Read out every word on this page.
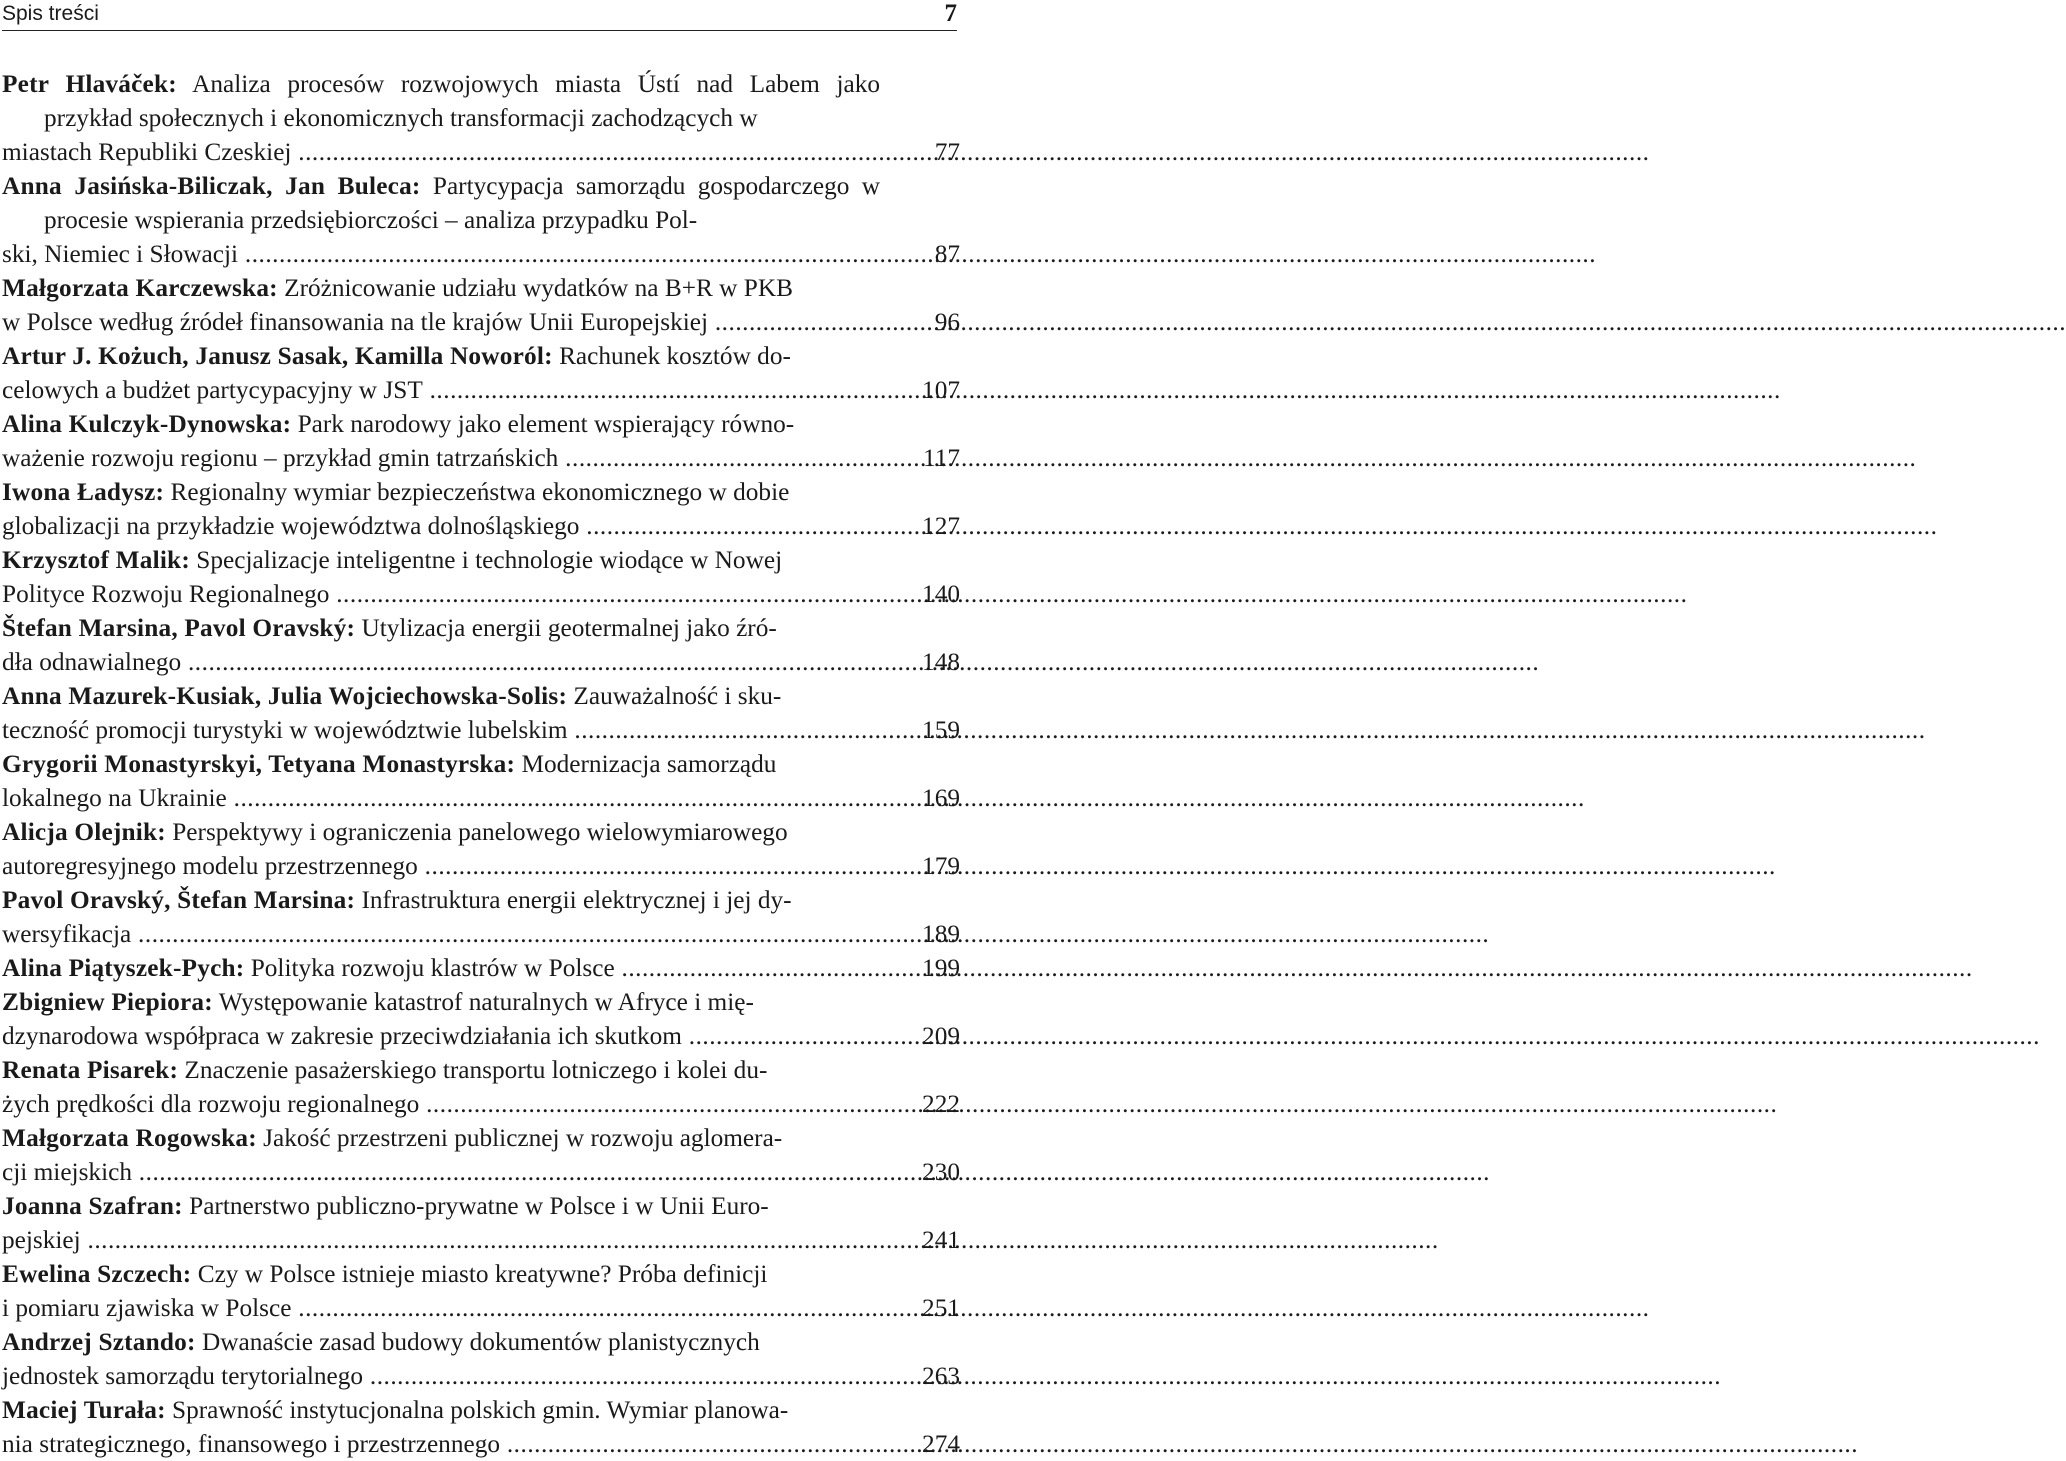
Spis treści	7
Petr Hlaváček: Analiza procesów rozwojowych miasta Ústí nad Labem jako przykład społecznych i ekonomicznych transformacji zachodzących w
miastach Republiki Czeskiej .....	77
Anna Jasińska-Biliczak, Jan Buleca: Partycypacja samorządu gospodarczego w procesie wspierania przedsiębiorczości – analiza przypadku Pol-
ski, Niemiec i Słowacji .....	87
Małgorzata Karczewska: Zróżnicowanie udziału wydatków na B+R w PKB
w Polsce według źródeł finansowania na tle krajów Unii Europejskiej .....	96
Artur J. Kożuch, Janusz Sasak, Kamilla Noworól: Rachunek kosztów do-
celowych a budżet partycypacyjny w JST .....	107
Alina Kulczyk-Dynowska: Park narodowy jako element wspierający równo-
ważenie rozwoju regionu – przykład gmin tatrzańskich .....	117
Iwona Ładysz: Regionalny wymiar bezpieczeństwa ekonomicznego w dobie
globalizacji na przykładzie województwa dolnośląskiego .....	127
Krzysztof Malik: Specjalizacje inteligentne i technologie wiodące w Nowej
Polityce Rozwoju Regionalnego .....	140
Štefan Marsina, Pavol Oravský: Utylizacja energii geotermalnej jako źró-
dła odnawialnego .....	148
Anna Mazurek-Kusiak, Julia Wojciechowska-Solis: Zauważalność i sku-
teczność promocji turystyki w województwie lubelskim .....	159
Grygorii Monastyrskyi, Tetyana Monastyrska: Modernizacja samorządu
lokalnego na Ukrainie .....	169
Alicja Olejnik: Perspektywy i ograniczenia panelowego wielowymiarowego
autoregresyjnego modelu przestrzennego .....	179
Pavol Oravský, Štefan Marsina: Infrastruktura energii elektrycznej i jej dy-
wersyfikacja .....	189
Alina Piątyszek-Pych: Polityka rozwoju klastrów w Polsce .....	199
Zbigniew Piepiora: Występowanie katastrof naturalnych w Afryce i mię-
dzynarodowa współpraca w zakresie przeciwdziałania ich skutkom .....	209
Renata Pisarek: Znaczenie pasażerskiego transportu lotniczego i kolei du-
żych prędkości dla rozwoju regionalnego .....	222
Małgorzata Rogowska: Jakość przestrzeni publicznej w rozwoju aglomera-
cji miejskich .....	230
Joanna Szafran: Partnerstwo publiczno-prywatne w Polsce i w Unii Euro-
pejskiej .....	241
Ewelina Szczech: Czy w Polsce istnieje miasto kreatywne? Próba definicji
i pomiaru zjawiska w Polsce .....	251
Andrzej Sztando: Dwanaście zasad budowy dokumentów planistycznych
jednostek samorządu terytorialnego .....	263
Maciej Turała: Sprawność instytucjonalna polskich gmin. Wymiar planowa-
nia strategicznego, finansowego i przestrzennego .....	274
